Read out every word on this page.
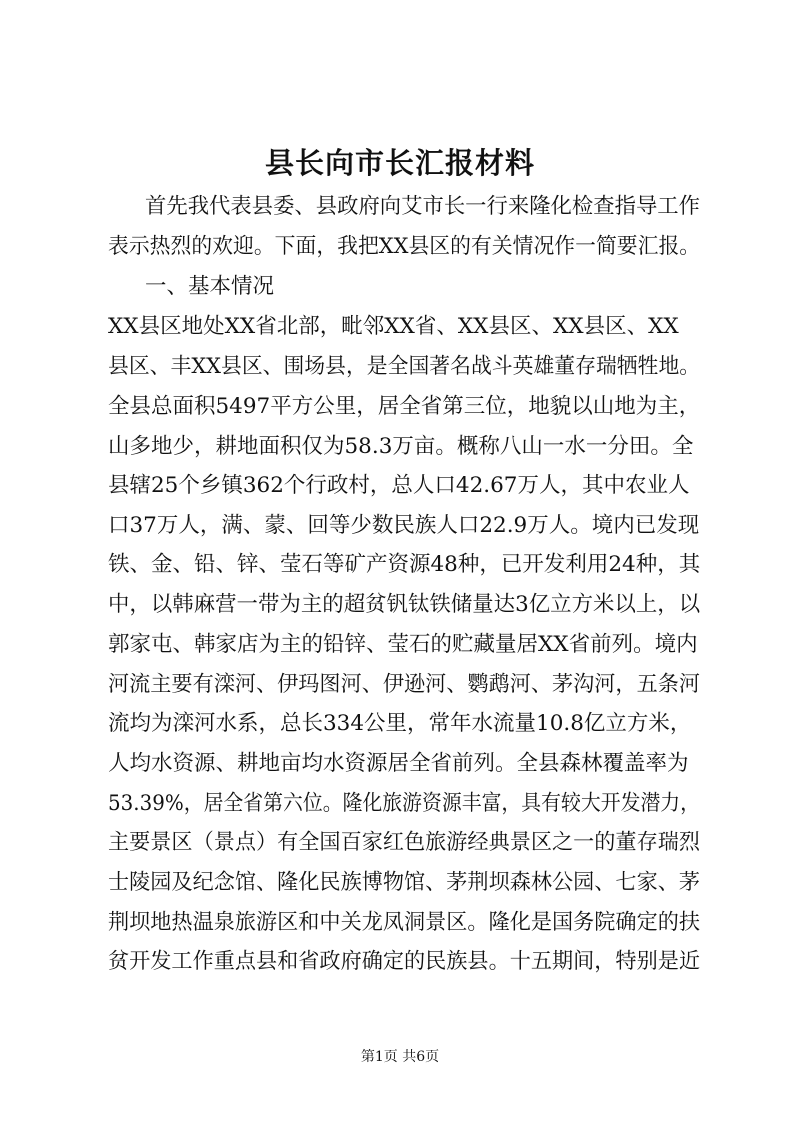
县长向市长汇报材料

首先我代表县委、县政府向艾市长一行来隆化检查指导工作

表示热烈的欢迎。下面，我把XX县区的有关情况作一简要汇报。

一、基本情况

XX县区地处XX省北部，毗邻XX省、XX县区、XX县区、XX

县区、丰XX县区、围场县，是全国著名战斗英雄董存瑞牺牲地。

全县总面积5497平方公里，居全省第三位，地貌以山地为主，

山多地少，耕地面积仅为58.3万亩。概称八山一水一分田。全

县辖25个乡镇362个行政村，总人口42.67万人，其中农业人

口37万人，满、蒙、回等少数民族人口22.9万人。境内已发现

铁、金、铅、锌、莹石等矿产资源48种，已开发利用24种，其

中，以韩麻营一带为主的超贫钒钛铁储量达3亿立方米以上，以

郭家屯、韩家店为主的铅锌、莹石的贮藏量居XX省前列。境内

河流主要有滦河、伊玛图河、伊逊河、鹦鹉河、茅沟河，五条河

流均为滦河水系，总长334公里，常年水流量10.8亿立方米，

人均水资源、耕地亩均水资源居全省前列。全县森林覆盖率为

53.39%，居全省第六位。隆化旅游资源丰富，具有较大开发潜力，

主要景区（景点）有全国百家红色旅游经典景区之一的董存瑞烈

士陵园及纪念馆、隆化民族博物馆、茅荆坝森林公园、七家、茅

荆坝地热温泉旅游区和中关龙凤洞景区。隆化是国务院确定的扶

贫开发工作重点县和省政府确定的民族县。十五期间，特别是近

第1页 共6页
